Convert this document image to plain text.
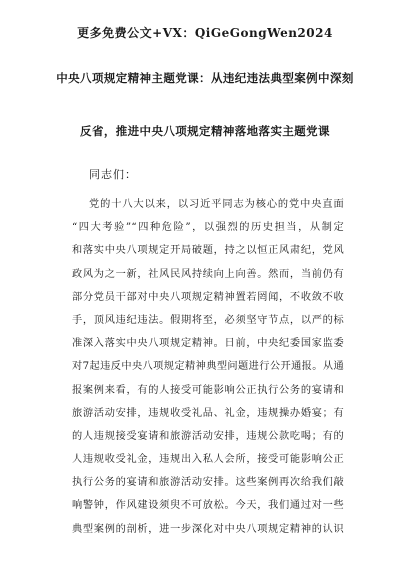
更多免费公文+VX：QiGeGongWen2024
中央八项规定精神主题党课：从违纪违法典型案例中深刻
反省，推进中央八项规定精神落地落实主题党课
同志们：
党的十八大以来，以习近平同志为核心的党中央直面
“四大考验”“四种危险”，以强烈的历史担当，从制定
和落实中央八项规定开局破题，持之以恒正风肃纪，党风
政风为之一新，社风民风持续向上向善。然而，当前仍有
部分党员干部对中央八项规定精神置若罔闻，不收敛不收
手，顶风违纪违法。假期将至，必须坚守节点，以严的标
准深入落实中央八项规定精神。日前，中央纪委国家监委
对7起违反中央八项规定精神典型问题进行公开通报。从通
报案例来看，有的人接受可能影响公正执行公务的宴请和
旅游活动安排，违规收受礼品、礼金，违规操办婚宴；有
的人违规接受宴请和旅游活动安排，违规公款吃喝；有的
人违规收受礼金，违规出入私人会所，接受可能影响公正
执行公务的宴请和旅游活动安排。这些案例再次给我们敲
响警钟，作风建设须臾不可放松。今天，我们通过对一些
典型案例的剖析，进一步深化对中央八项规定精神的认识
